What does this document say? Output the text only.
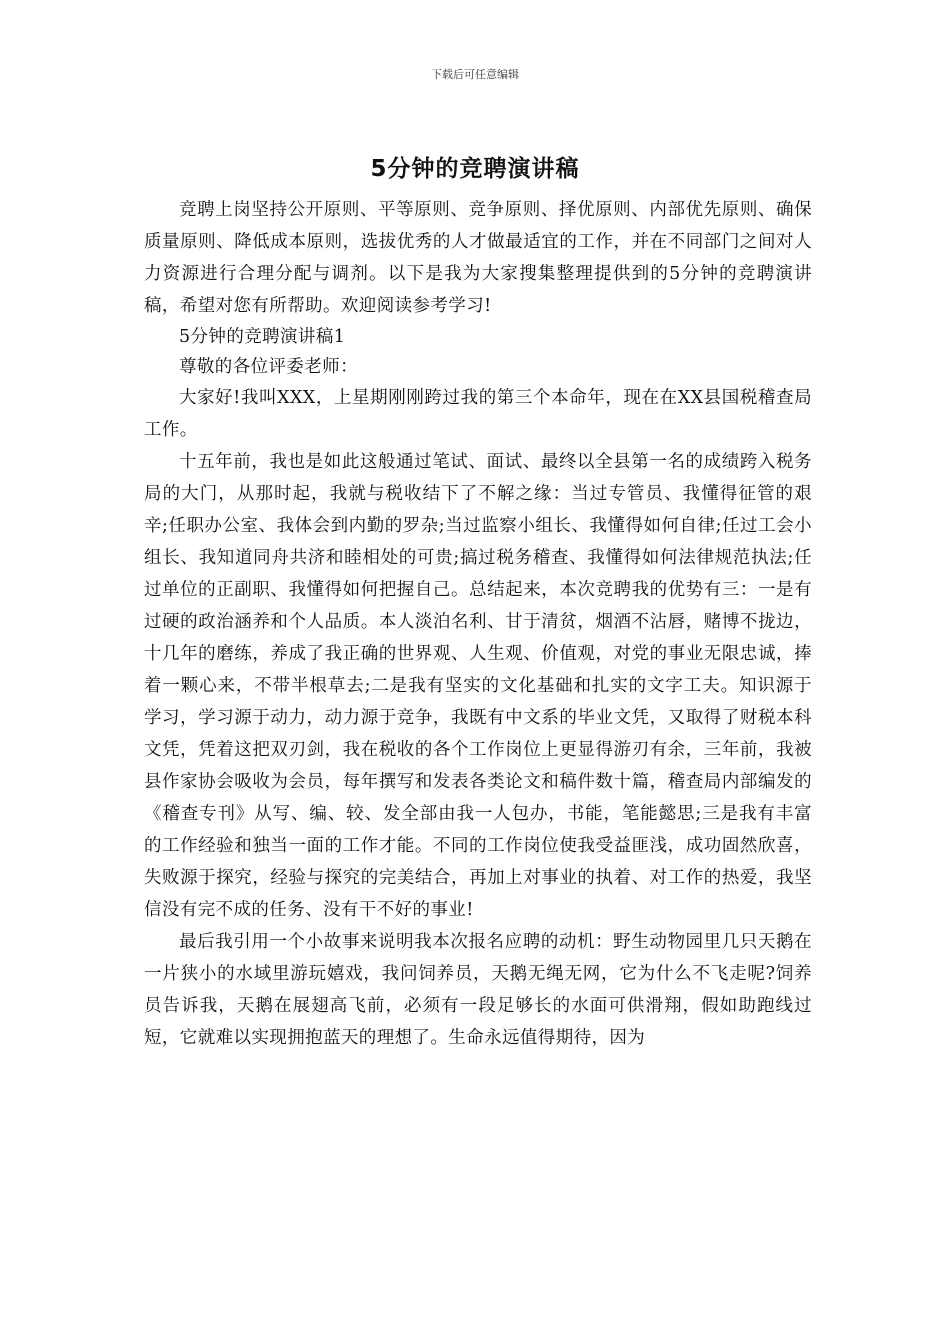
下载后可任意编辑
5分钟的竞聘演讲稿

竞聘上岗坚持公开原则、平等原则、竞争原则、择优原则、内部优先原则、确保质量原则、降低成本原则，选拔优秀的人才做最适宜的工作，并在不同部门之间对人力资源进行合理分配与调剂。以下是我为大家搜集整理提供到的5分钟的竞聘演讲稿，希望对您有所帮助。欢迎阅读参考学习!

5分钟的竞聘演讲稿1

尊敬的各位评委老师：

大家好!我叫XXX，上星期刚刚跨过我的第三个本命年，现在在XX县国税稽查局工作。

十五年前，我也是如此这般通过笔试、面试、最终以全县第一名的成绩跨入税务局的大门，从那时起，我就与税收结下了不解之缘：当过专管员、我懂得征管的艰辛;任职办公室、我体会到内勤的罗杂;当过监察小组长、我懂得如何自律;任过工会小组长、我知道同舟共济和睦相处的可贵;搞过税务稽查、我懂得如何法律规范执法;任过单位的正副职、我懂得如何把握自己。总结起来，本次竞聘我的优势有三：一是有过硬的政治涵养和个人品质。本人淡泊名利、甘于清贫，烟酒不沾唇，赌博不拢边，十几年的磨练，养成了我正确的世界观、人生观、价值观，对党的事业无限忠诚，捧着一颗心来，不带半根草去;二是我有坚实的文化基础和扎实的文字工夫。知识源于学习，学习源于动力，动力源于竞争，我既有中文系的毕业文凭，又取得了财税本科文凭，凭着这把双刃剑，我在税收的各个工作岗位上更显得游刃有余，三年前，我被县作家协会吸收为会员，每年撰写和发表各类论文和稿件数十篇，稽查局内部编发的《稽查专刊》从写、编、较、发全部由我一人包办，书能，笔能懿思;三是我有丰富的工作经验和独当一面的工作才能。不同的工作岗位使我受益匪浅，成功固然欣喜，失败源于探究，经验与探究的完美结合，再加上对事业的执着、对工作的热爱，我坚信没有完不成的任务、没有干不好的事业!

最后我引用一个小故事来说明我本次报名应聘的动机：野生动物园里几只天鹅在一片狭小的水域里游玩嬉戏，我问饲养员，天鹅无绳无网，它为什么不飞走呢?饲养员告诉我，天鹅在展翅高飞前，必须有一段足够长的水面可供滑翔，假如助跑线过短，它就难以实现拥抱蓝天的理想了。生命永远值得期待，因为
